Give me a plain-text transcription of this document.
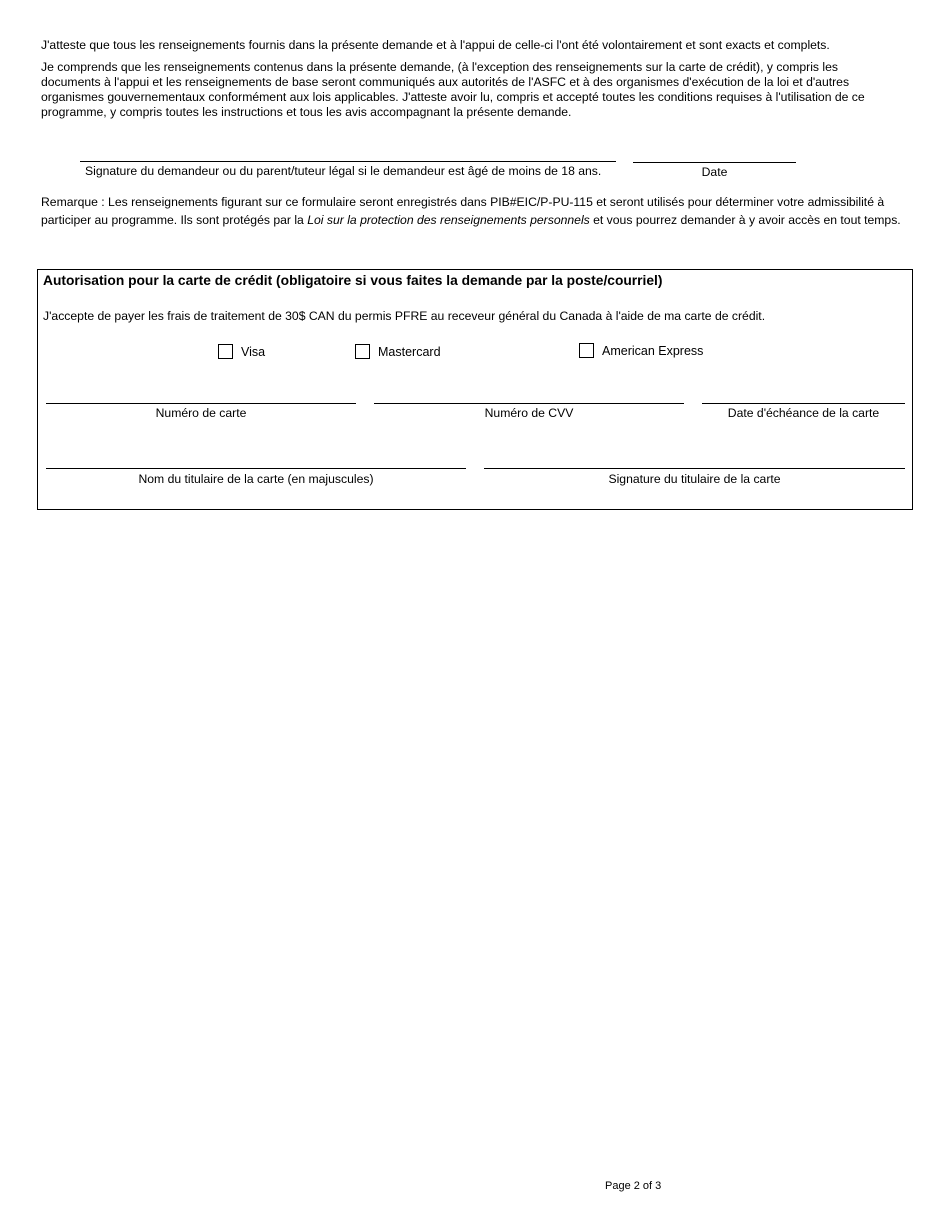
J'atteste que tous les renseignements fournis dans la présente demande et à l'appui de celle-ci l'ont été volontairement et sont exacts et complets.
Je comprends que les renseignements contenus dans la présente demande, (à l'exception des renseignements sur la carte de crédit), y compris les documents à l'appui et les renseignements de base seront communiqués aux autorités de l'ASFC et à des organismes d'exécution de la loi et d'autres organismes gouvernementaux conformément aux lois applicables. J'atteste avoir lu, compris et accepté toutes les conditions requises à l'utilisation de ce programme, y compris toutes les instructions et tous les avis accompagnant la présente demande.
Signature du demandeur ou du parent/tuteur légal si le demandeur est âgé de moins de 18 ans.	Date
Remarque : Les renseignements figurant sur ce formulaire seront enregistrés dans PIB#EIC/P-PU-115 et seront utilisés pour déterminer votre admissibilité à participer au programme. Ils sont protégés par la Loi sur la protection des renseignements personnels et vous pourrez demander à y avoir accès en tout temps.
Autorisation pour la carte de crédit (obligatoire si vous faites la demande par la poste/courriel)
J'accepte de payer les frais de traitement de 30$ CAN du permis PFRE au receveur général du Canada à l'aide de ma carte de crédit.
Visa	Mastercard	American Express
Numéro de carte	Numéro de CVV	Date d'échéance de la carte
Nom du titulaire de la carte (en majuscules)	Signature du titulaire de la carte
Page 2 of 3
